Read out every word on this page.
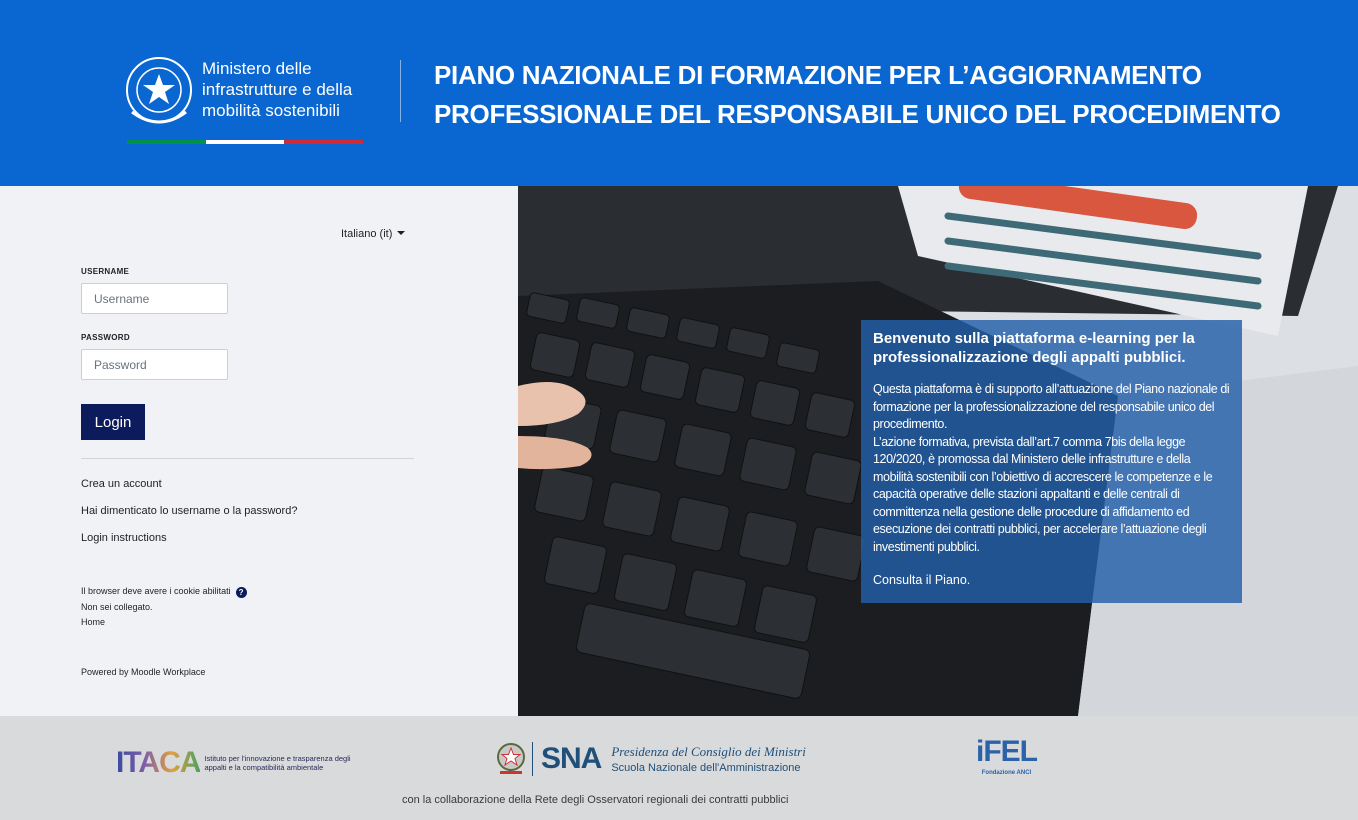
Ministero delle
infrastrutture e della
mobilità sostenibili
PIANO NAZIONALE DI FORMAZIONE PER L’AGGIORNAMENTO
PROFESSIONALE DEL RESPONSABILE UNICO DEL PROCEDIMENTO
Italiano (it)
USERNAME
Username
PASSWORD
Login
Crea un account
Hai dimenticato lo username o la password?
Login instructions
Il browser deve avere i cookie abilitati ?
Non sei collegato.
Home
Powered by Moodle Workplace
Benvenuto sulla piattaforma e-learning per la professionalizzazione degli appalti pubblici.
Questa piattaforma è di supporto all’attuazione del Piano nazionale di formazione per la professionalizzazione del responsabile unico del procedimento.
L’azione formativa, prevista dall’art.7 comma 7bis della legge 120/2020, è promossa dal Ministero delle infrastrutture e della mobilità sostenibili con l’obiettivo di accrescere le competenze e le capacità operative delle stazioni appaltanti e delle centrali di committenza nella gestione delle procedure di affidamento ed esecuzione dei contratti pubblici, per accelerare l’attuazione degli investimenti pubblici.
Consulta il Piano.
ITACA Istituto per l'innovazione e trasparenza degli appalti e la compatibilità ambientale	SNA Presidenza del Consiglio dei Ministri
Scuola Nazionale dell'Amministrazione	iFEL
Fondazione ANCI
con la collaborazione della Rete degli Osservatori regionali dei contratti pubblici
